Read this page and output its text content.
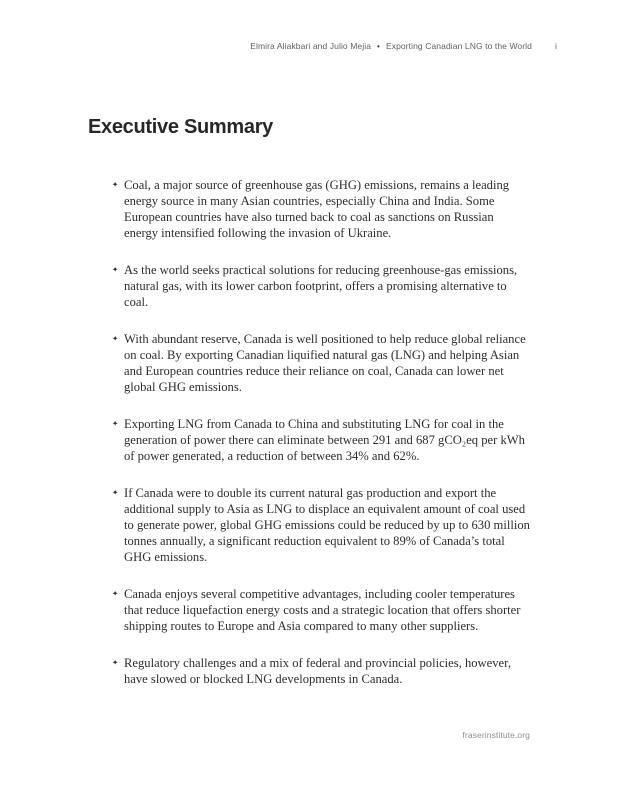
Elmira Aliakbari and Julio Mejia • Exporting Canadian LNG to the World	i
Executive Summary
✦ Coal, a major source of greenhouse gas (GHG) emissions, remains a leading energy source in many Asian countries, especially China and India. Some European countries have also turned back to coal as sanctions on Russian energy intensified following the invasion of Ukraine.
✦ As the world seeks practical solutions for reducing greenhouse-gas emissions, natural gas, with its lower carbon footprint, offers a promising alternative to coal.
✦ With abundant reserve, Canada is well positioned to help reduce global reliance on coal. By exporting Canadian liquified natural gas (LNG) and helping Asian and European countries reduce their reliance on coal, Canada can lower net global GHG emissions.
✦ Exporting LNG from Canada to China and substituting LNG for coal in the generation of power there can eliminate between 291 and 687 gCO₂eq per kWh of power generated, a reduction of between 34% and 62%.
✦ If Canada were to double its current natural gas production and export the additional supply to Asia as LNG to displace an equivalent amount of coal used to generate power, global GHG emissions could be reduced by up to 630 million tonnes annually, a significant reduction equivalent to 89% of Canada’s total GHG emissions.
✦ Canada enjoys several competitive advantages, including cooler temperatures that reduce liquefaction energy costs and a strategic location that offers shorter shipping routes to Europe and Asia compared to many other suppliers.
✦ Regulatory challenges and a mix of federal and provincial policies, however, have slowed or blocked LNG developments in Canada.
fraserinstitute.org
